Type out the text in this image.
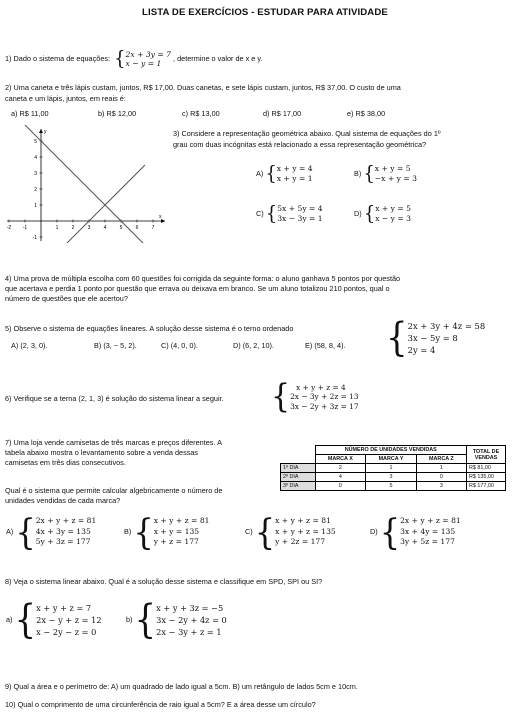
LISTA DE EXERCÍCIOS - ESTUDAR PARA ATIVIDADE
1) Dado o sistema de equações: { 2x + 3y = 7
x − y = 1
, determine o valor de x e y.
2) Uma caneta e três lápis custam, juntos, R$ 17,00. Duas canetas, e sete lápis custam, juntos, R$ 37,00. O custo de uma
caneta e um lápis, juntos, em reais é:
a) R$ 11,00	b) R$ 12,00	c) R$ 13,00	d) R$ 17,00	e) R$ 38,00
-2 -1	1	2	3	4	5	6	7
5
4
3
2
1
-1
x
y	3) Considere a representação geométrica abaixo. Qual sistema de equações do 1º
grau com duas incógnitas está relacionado a essa representação geométrica?
A) { x + y = 4
x + y = 1
B) { x + y = 5
−x + y = 3
C) { 5x + 5y = 4
3x − 3y = 1
D) { x + y = 5
x − y = 3
4) Uma prova de múltipla escolha com 60 questões foi corrigida da seguinte forma: o aluno ganhava 5 pontos por questão
que acertava e perdia 1 ponto por questão que errava ou deixava em branco. Se um aluno totalizou 210 pontos, qual o
número de questões que ele acertou?
5) Observe o sistema de equações lineares. A solução desse sistema é o terno ordenado	{ 2x + 3y + 4z = 58
3x − 5y = 8
2y = 4
A) (2, 3, 0).	B) (3, − 5, 2).	C) (4, 0, 0).	D) (6, 2, 10).	E) (58, 8, 4).
6) Verifique se a terna (2, 1, 3) é solução do sistema linear a seguir. { x + y + z = 4
2x − 3y + 2z = 13
3x − 2y + 3z = 17
7) Uma loja vende camisetas de três marcas e preços diferentes. A
tabela abaixo mostra o levantamento sobre a venda dessas
camisetas em três dias consecutivos.
Qual é o sistema que permite calcular algebricamente o número de
unidades vendidas de cada marca?
	NÚMERO DE UNIDADES VENDIDAS			TOTAL DE VENDAS
	MARCA X	MARCA Y	MARCA Z	
1º DIA	2	1	1	R$ 81,00
2º DIA	4	3	0	R$ 135,00
3º DIA	0	5	3	R$ 177,00
A) { 2x + y + z = 81
4x + 3y = 135
5y + 3z = 177
B) { x + y + z = 81
x + y = 135
y + z = 177
C) { x + y + z = 81
x + y + z = 135
y + 2z = 177
D) { 2x + y + z = 81
3x + 4y = 135
3y + 5z = 177
8) Veja o sistema linear abaixo. Qual é a solução desse sistema e classifique em SPD, SPI ou SI?
a) { x + y + z = 7
2x − y + z = 12
x − 2y − z = 0
b) { x + y + 3z = −5
3x − 2y + 4z = 0
2x − 3y + z = 1
9) Qual a área e o perímetro de: A) um quadrado de lado igual a 5cm. B) um retângulo de lados 5cm e 10cm.
10) Qual o comprimento de uma circunferência de raio igual a 5cm? E a área desse um círculo?
